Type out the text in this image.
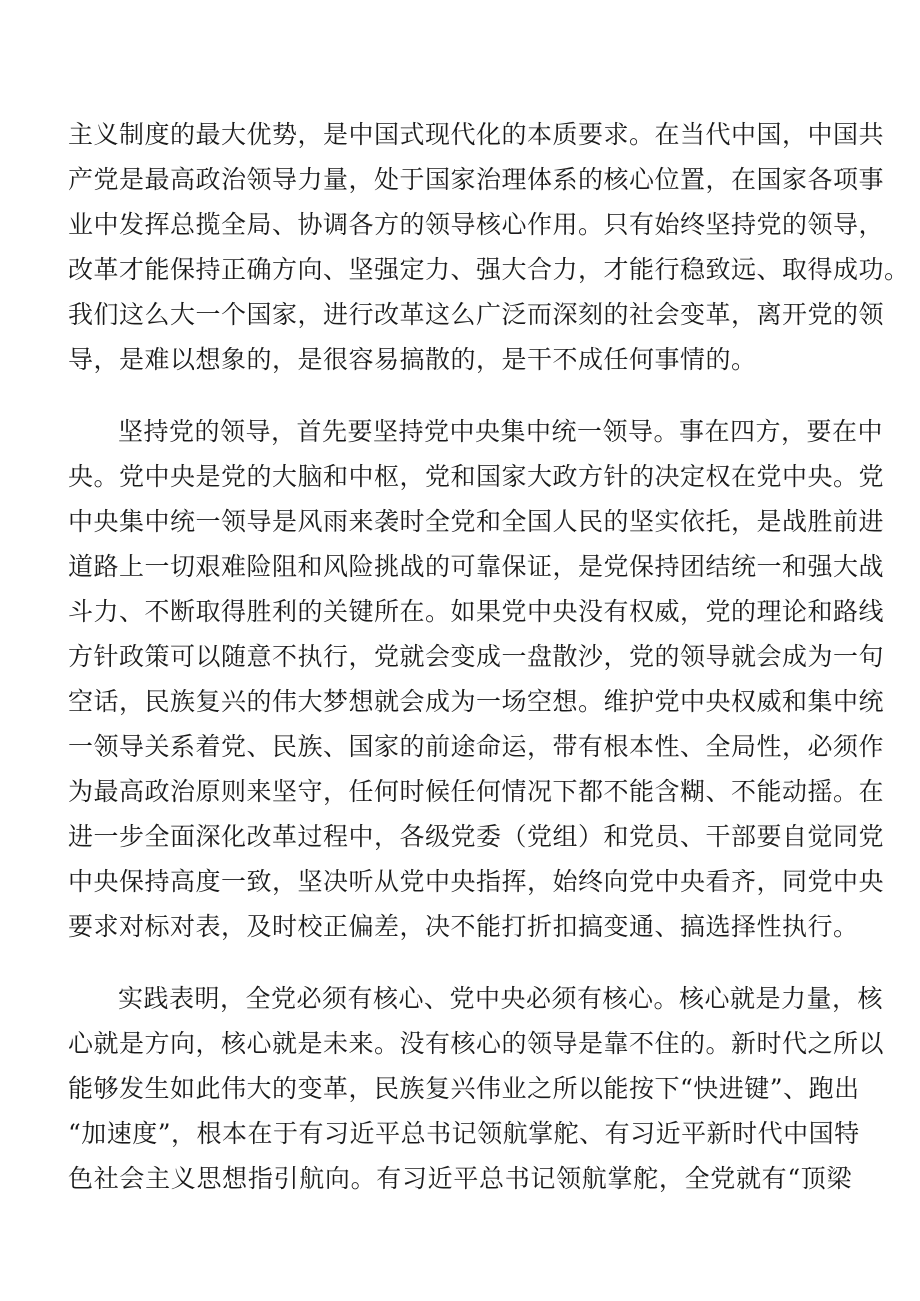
主义制度的最大优势，是中国式现代化的本质要求。在当代中国，中国共
产党是最高政治领导力量，处于国家治理体系的核心位置，在国家各项事
业中发挥总揽全局、协调各方的领导核心作用。只有始终坚持党的领导，
改革才能保持正确方向、坚强定力、强大合力，才能行稳致远、取得成功。
我们这么大一个国家，进行改革这么广泛而深刻的社会变革，离开党的领
导，是难以想象的，是很容易搞散的，是干不成任何事情的。
坚持党的领导，首先要坚持党中央集中统一领导。事在四方，要在中
央。党中央是党的大脑和中枢，党和国家大政方针的决定权在党中央。党
中央集中统一领导是风雨来袭时全党和全国人民的坚实依托，是战胜前进
道路上一切艰难险阻和风险挑战的可靠保证，是党保持团结统一和强大战
斗力、不断取得胜利的关键所在。如果党中央没有权威，党的理论和路线
方针政策可以随意不执行，党就会变成一盘散沙，党的领导就会成为一句
空话，民族复兴的伟大梦想就会成为一场空想。维护党中央权威和集中统
一领导关系着党、民族、国家的前途命运，带有根本性、全局性，必须作
为最高政治原则来坚守，任何时候任何情况下都不能含糊、不能动摇。在
进一步全面深化改革过程中，各级党委（党组）和党员、干部要自觉同党
中央保持高度一致，坚决听从党中央指挥，始终向党中央看齐，同党中央
要求对标对表，及时校正偏差，决不能打折扣搞变通、搞选择性执行。
实践表明，全党必须有核心、党中央必须有核心。核心就是力量，核
心就是方向，核心就是未来。没有核心的领导是靠不住的。新时代之所以
能够发生如此伟大的变革，民族复兴伟业之所以能按下“快进键”、跑出
“加速度”，根本在于有习近平总书记领航掌舵、有习近平新时代中国特
色社会主义思想指引航向。有习近平总书记领航掌舵，全党就有“顶梁
